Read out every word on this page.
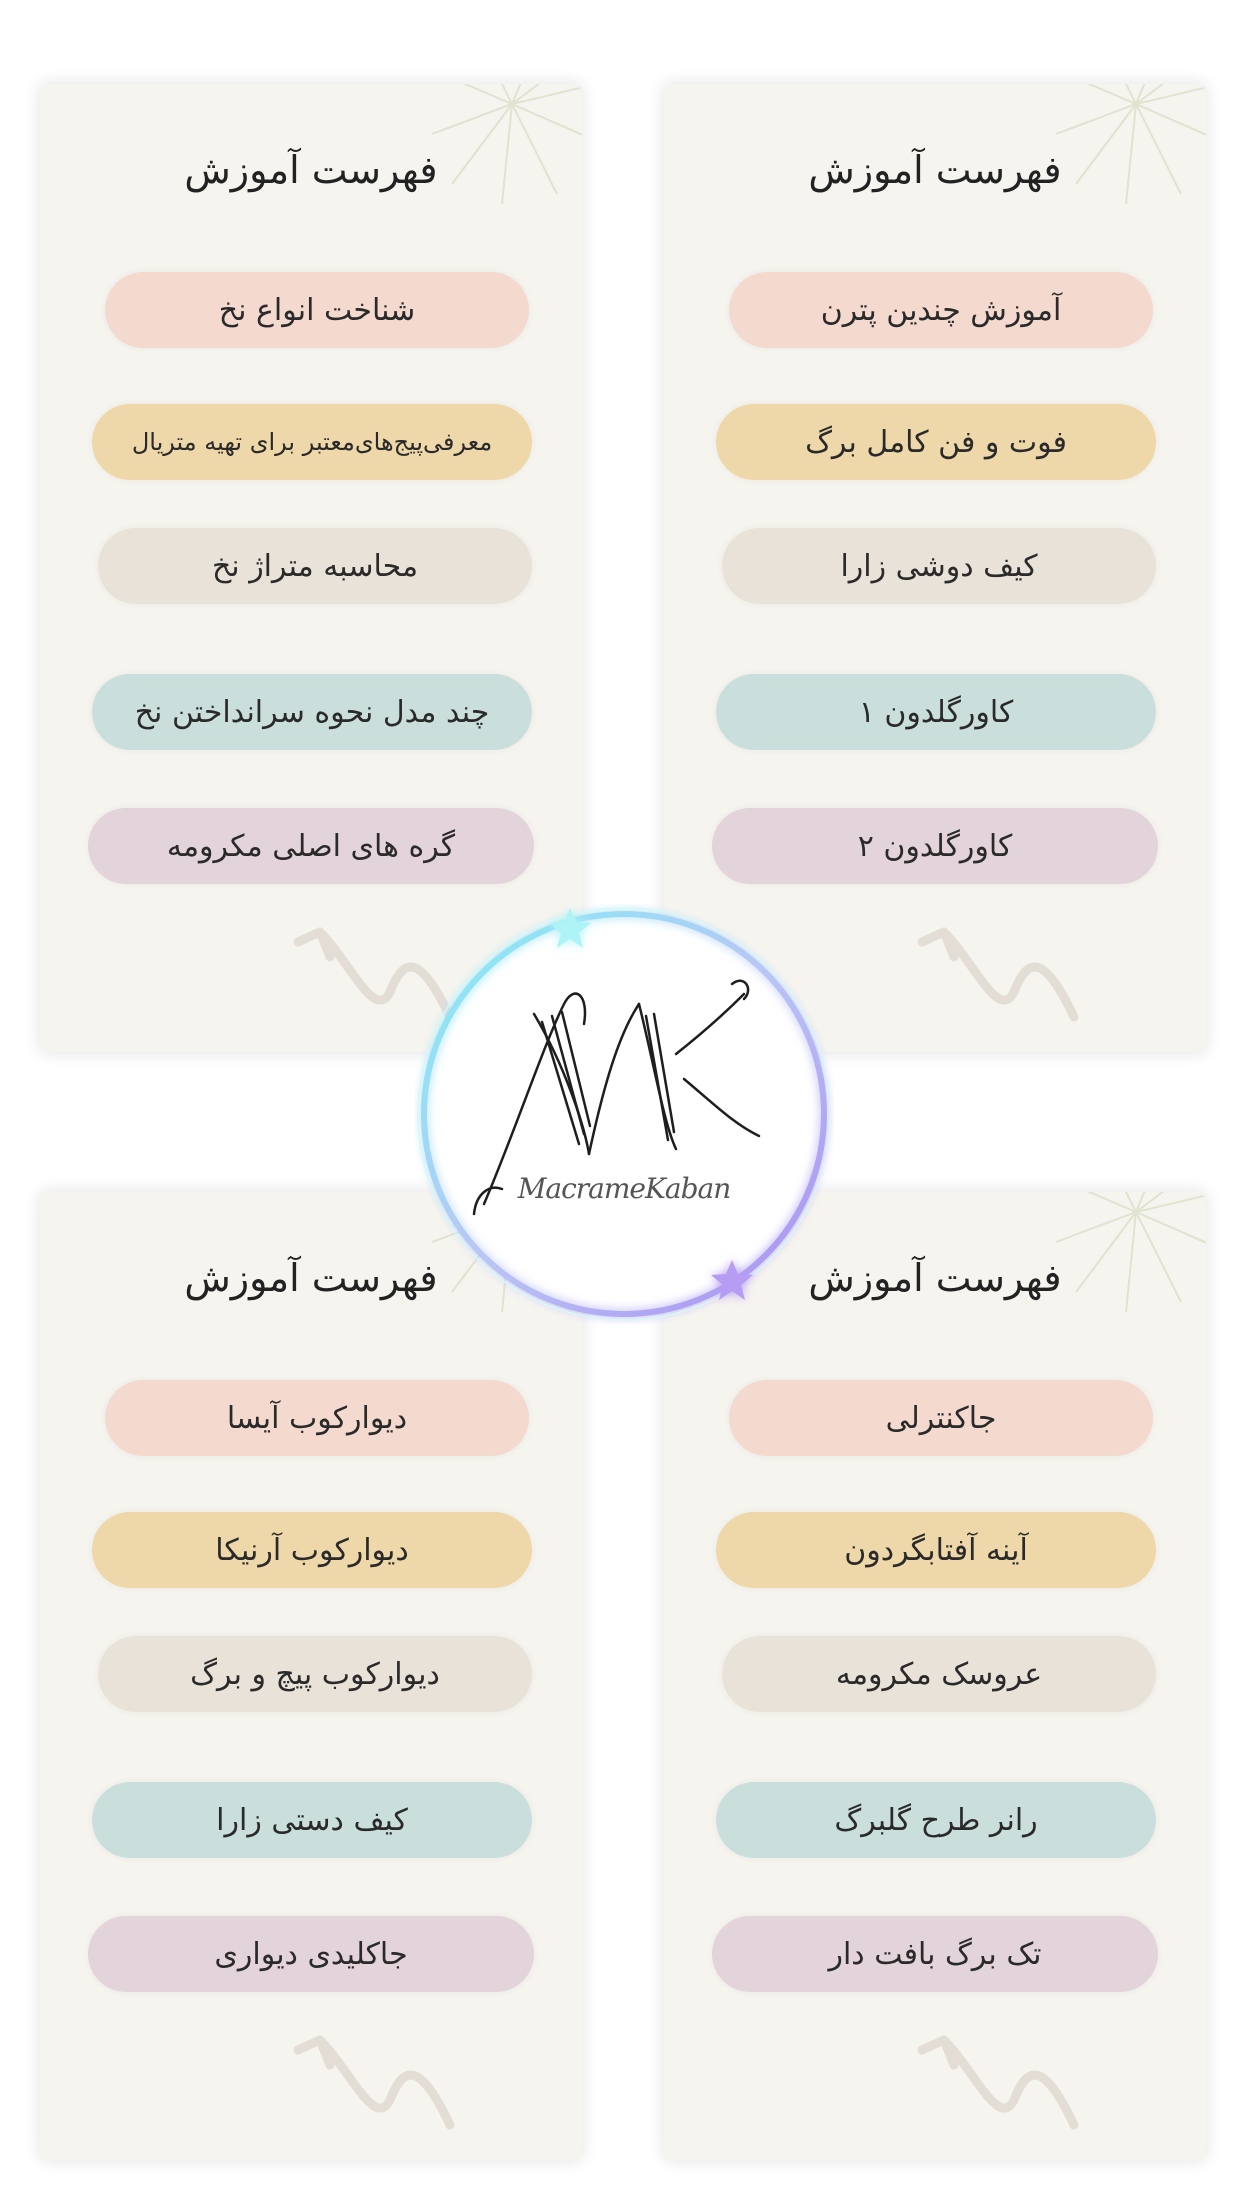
فهرست آموزش
شناخت انواع نخ
معرفی‌پیج‌های‌معتبر برای تهیه متریال
محاسبه متراژ نخ
چند مدل نحوه سرانداختن نخ
گره های اصلی مکرومه
فهرست آموزش
آموزش چندین پترن
فوت و فن کامل برگ
کیف دوشی زارا
کاورگلدون ۱
کاورگلدون ۲
فهرست آموزش
دیوارکوب آیسا
دیوارکوب آرنیکا
دیوارکوب پیچ و برگ
کیف دستی زارا
جاکلیدی دیواری
فهرست آموزش
جاکنترلی
آینه آفتابگردون
عروسک مکرومه
رانر طرح گلبرگ
تک برگ بافت دار
MacrameKaban
